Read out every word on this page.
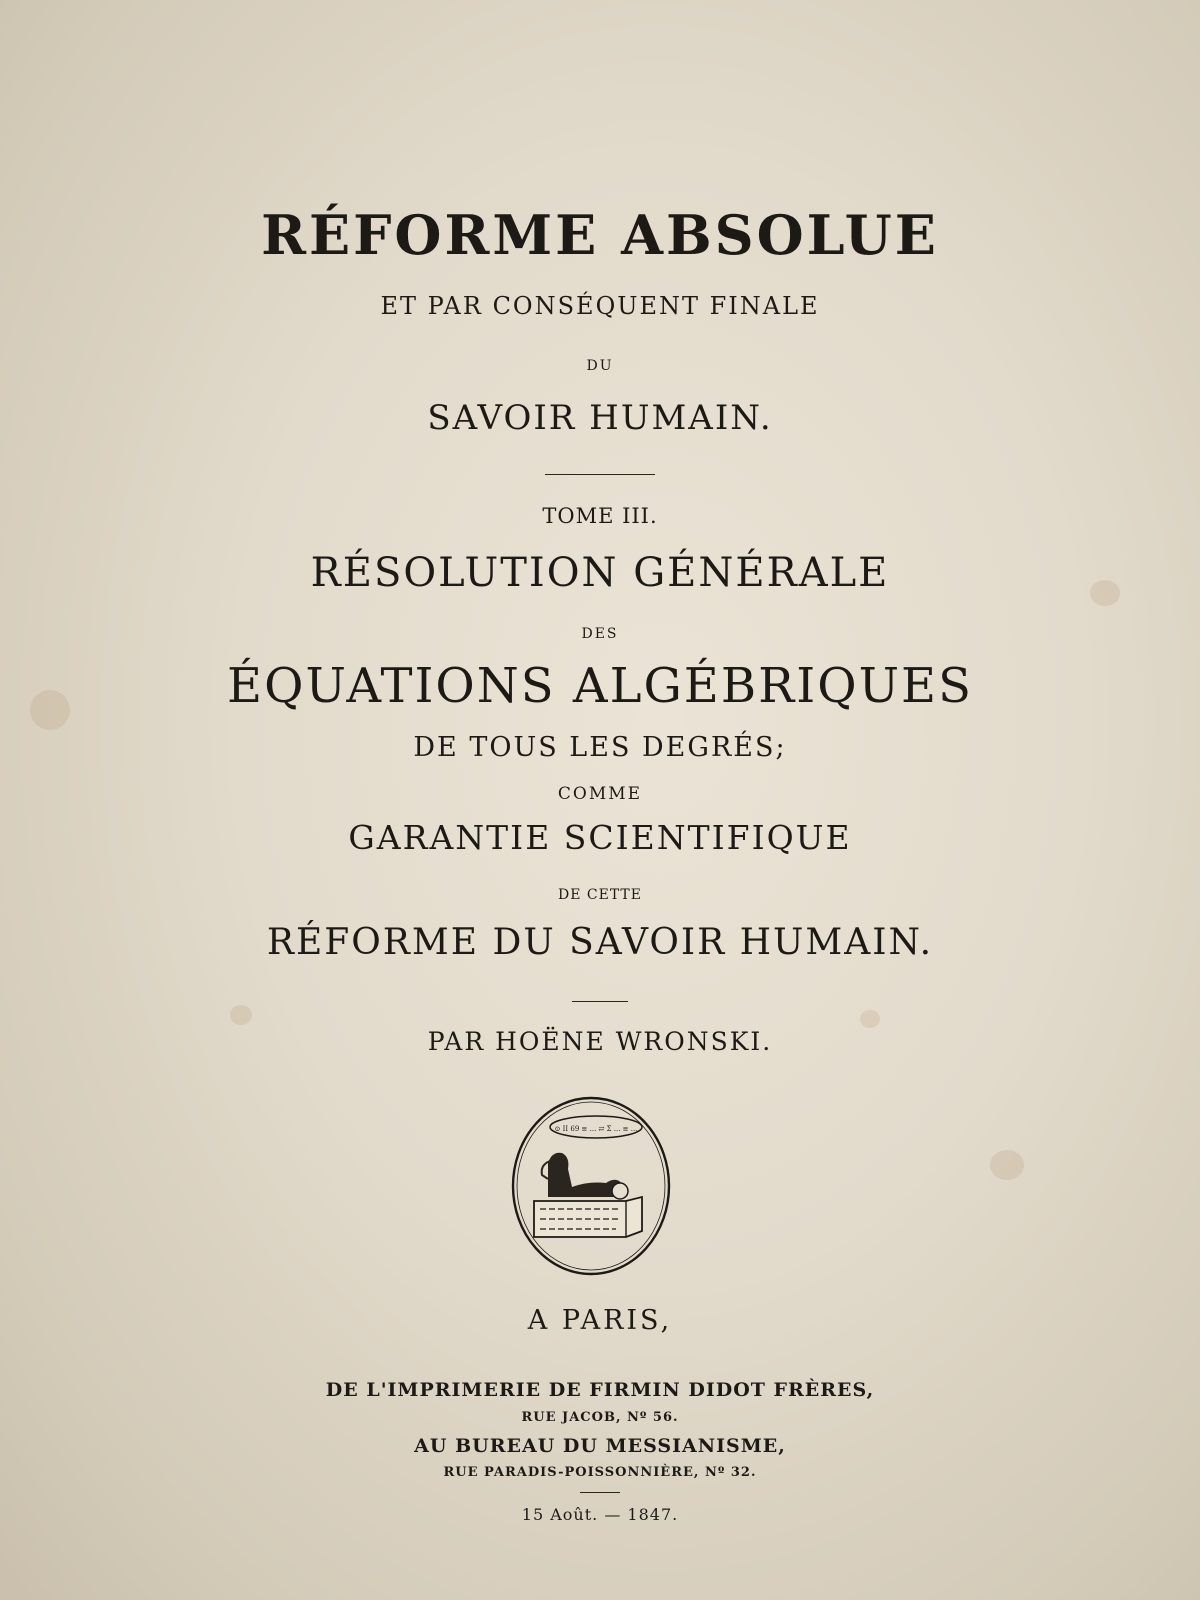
RÉFORME ABSOLUE
ET PAR CONSÉQUENT FINALE
DU
SAVOIR HUMAIN.
TOME III.
RÉSOLUTION GÉNÉRALE
DES
ÉQUATIONS ALGÉBRIQUES
DE TOUS LES DEGRÉS;
COMME
GARANTIE SCIENTIFIQUE
DE CETTE
RÉFORME DU SAVOIR HUMAIN.
PAR HOËNE WRONSKI.
⊙ II 69 ≡ ... ⇄ Σ ... ≡ ...
A PARIS,
DE L'IMPRIMERIE DE FIRMIN DIDOT FRÈRES,
RUE JACOB, Nº 56.
AU BUREAU DU MESSIANISME,
RUE PARADIS-POISSONNIÈRE, Nº 32.
15 Août. — 1847.
